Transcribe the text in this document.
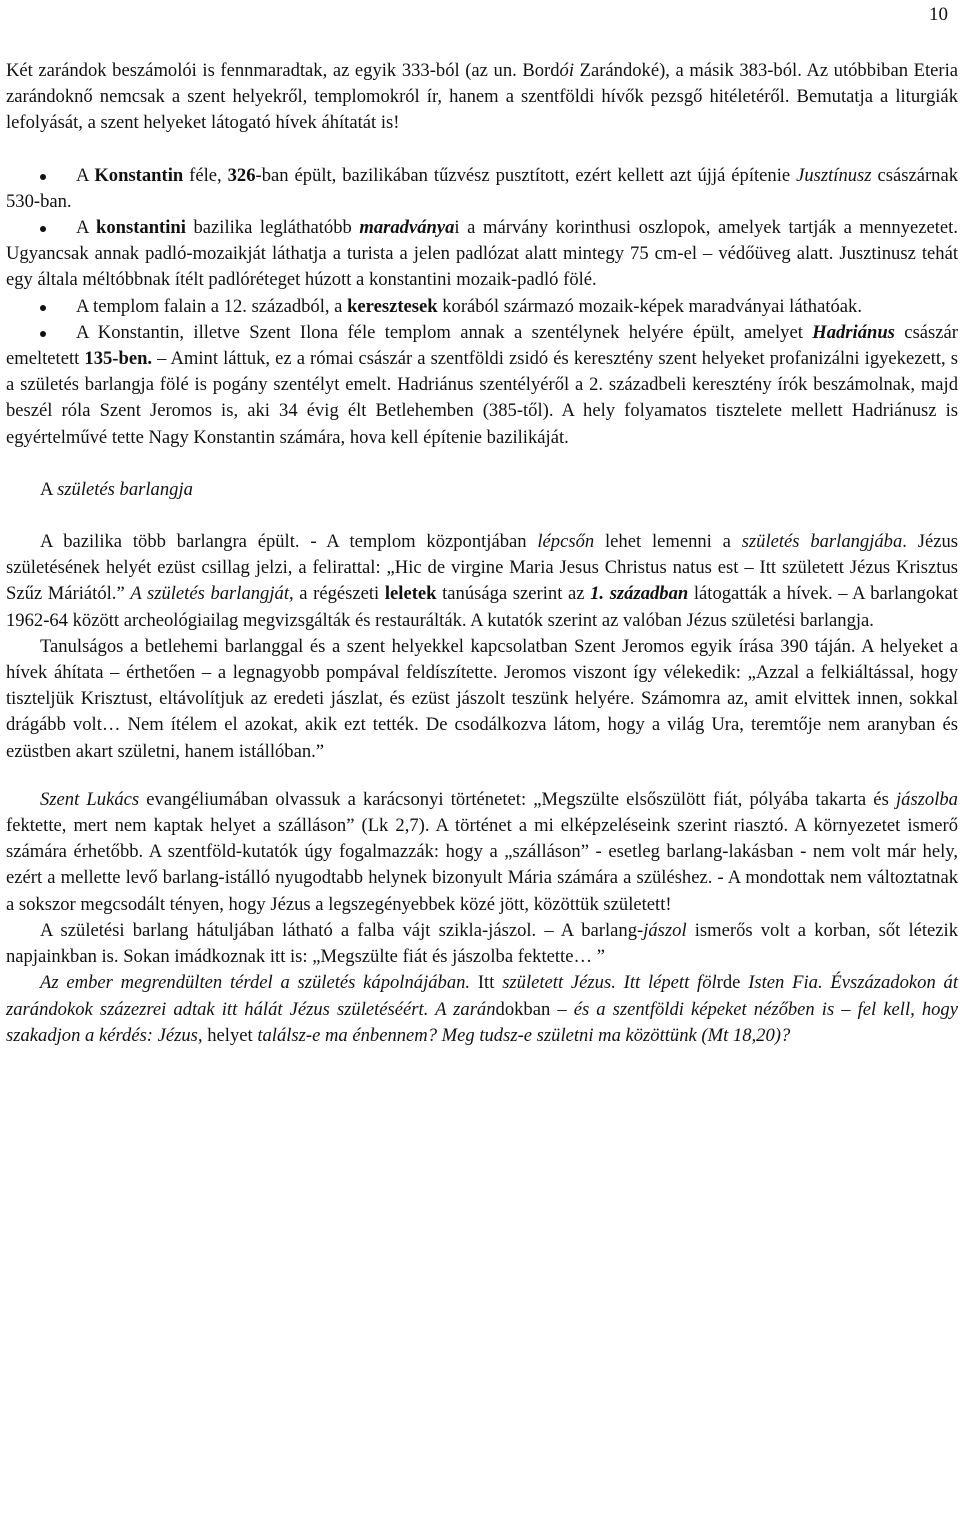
10

Két zarándok beszámolói is fennmaradtak, az egyik 333-ból (az un. Bordói Zarándoké), a másik 383-ból. Az utóbbiban Eteria zarándoknő nemcsak a szent helyekről, templomokról ír, hanem a szentföldi hívők pezsgő hitéletéről. Bemutatja a liturgiák lefolyását, a szent helyeket látogató hívek áhítatát is!

A Konstantin féle, 326-ban épült, bazilikában tűzvész pusztított, ezért kellett azt újjá építenie Jusztínusz császárnak 530-ban.

A konstantini bazilika legláthatóbb maradványai a márvány korinthusi oszlopok, amelyek tartják a mennyezetet. Ugyancsak annak padló-mozaikját láthatja a turista a jelen padlózat alatt mintegy 75 cm-el – védőüveg alatt. Jusztinusz tehát egy általa méltóbbnak ítélt padlóréteget húzott a konstantini mozaik-padló fölé.

A templom falain a 12. századból, a keresztesek korából származó mozaik-képek maradványai láthatóak.

A Konstantin, illetve Szent Ilona féle templom annak a szentélynek helyére épült, amelyet Hadriánus császár emeltetett 135-ben. – Amint láttuk, ez a római császár a szentföldi zsidó és keresztény szent helyeket profanizálni igyekezett, s a születés barlangja fölé is pogány szentélyt emelt. Hadriánus szentélyéről a 2. századbeli keresztény írók beszámolnak, majd beszél róla Szent Jeromos is, aki 34 évig élt Betlehemben (385-től). A hely folyamatos tisztelete mellett Hadriánusz is egyértelművé tette Nagy Konstantin számára, hova kell építenie bazilikáját.

A születés barlangja

A bazilika több barlangra épült. - A templom központjában lépcsőn lehet lemenni a születés barlangjába. Jézus születésének helyét ezüst csillag jelzi, a felirattal: „Hic de virgine Maria Jesus Christus natus est – Itt született Jézus Krisztus Szűz Máriától.” A születés barlangját, a régészeti leletek tanúsága szerint az 1. században látogatták a hívek. – A barlangokat 1962-64 között archeológiailag megvizsgálták és restaurálták. A kutatók szerint az valóban Jézus születési barlangja.

Tanulságos a betlehemi barlanggal és a szent helyekkel kapcsolatban Szent Jeromos egyik írása 390 táján. A helyeket a hívek áhítata – érthetően – a legnagyobb pompával feldíszítette. Jeromos viszont így vélekedik: „Azzal a felkiáltással, hogy tiszteljük Krisztust, eltávolítjuk az eredeti jászlat, és ezüst jászolt teszünk helyére. Számomra az, amit elvittek innen, sokkal drágább volt… Nem ítélem el azokat, akik ezt tették. De csodálkozva látom, hogy a világ Ura, teremtője nem aranyban és ezüstben akart születni, hanem istállóban.”

Szent Lukács evangéliumában olvassuk a karácsonyi történetet: „Megszülte elsőszülött fiát, pólyába takarta és jászolba fektette, mert nem kaptak helyet a szálláson” (Lk 2,7). A történet a mi elképzeléseink szerint riasztó. A környezetet ismerő számára érhetőbb. A szentföld-kutatók úgy fogalmazzák: hogy a „szálláson” - esetleg barlang-lakásban - nem volt már hely, ezért a mellette levő barlang-istálló nyugodtabb helynek bizonyult Mária számára a szüléshez. - A mondottak nem változtatnak a sokszor megcsodált tényen, hogy Jézus a legszegényebbek közé jött, közöttük született!

A születési barlang hátuljában látható a falba vájt szikla-jászol. – A barlang-jászol ismerős volt a korban, sőt létezik napjainkban is. Sokan imádkoznak itt is: „Megszülte fiát és jászolba fektette… ”

Az ember megrendülten térdel a születés kápolnájában. Itt született Jézus. Itt lépett fölrde Isten Fia. Évszázadokon át zarándokok százezrei adtak itt hálát Jézus születéséért. A zarándokban – és a szentföldi képeket nézőben is – fel kell, hogy szakadjon a kérdés: Jézus, helyet találsz-e ma énbennem? Meg tudsz-e születni ma közöttünk (Mt 18,20)?
